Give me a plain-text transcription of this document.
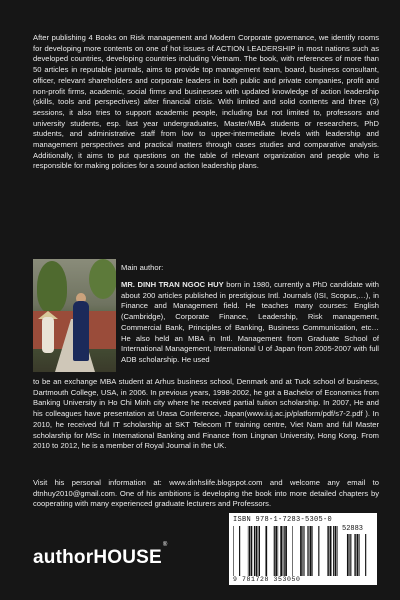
After publishing 4 Books on Risk management and Modern Corporate governance, we identify rooms for developing more contents on one of hot issues of ACTION LEADERSHIP in most nations such as developed countries, developing countries including Vietnam. The book, with references of more than 50 articles in reputable journals, aims to provide top management team, board, business consultant, officer, relevant shareholders and corporate leaders in both public and private companies, profit and non-profit firms, academic, social firms and businesses with updated knowledge of action leadership (skills, tools and perspectives) after financial crisis. With limited and solid contents and three (3) sessions, it also tries to support academic people, including but not limited to, professors and university students, esp. last year undergraduates, Master/MBA students or researchers, PhD students, and administrative staff from low to upper-intermediate levels with leadership and management perspectives and practical matters through cases studies and comparative analysis. Additionally, it aims to put questions on the table of relevant organization and people who is responsible for making policies for a sound action leadership plans.

Main author:

MR. DINH TRAN NGOC HUY born in 1980, currently a PhD candidate with about 200 articles published in prestigious Intl. Journals (ISI, Scopus,…), in Finance and Management field. He teaches many courses: English (Cambridge), Corporate Finance, Leadership, Risk management, Commercial Bank, Principles of Banking, Business Communication, etc… He also held an MBA in Intl. Management from Graduate School of International Management, International U of Japan from 2005-2007 with full ADB scholarship. He used

to be an exchange MBA student at Arhus business school, Denmark and at Tuck school of business, Dartmouth College, USA, in 2006. In previous years, 1998-2002, he got a Bachelor of Economics from Banking University in Ho Chi Minh city where he received partial tuition scholarship. In 2007, He and his colleagues have presentation at Urasa Conference, Japan(www.iuj.ac.jp/platform/pdf/s7-2.pdf ). In 2010, he received full IT scholarship at SKT Telecom IT training centre, Viet Nam and full Master scholarship for MSc in International Banking and Finance from Lingnan University, Hong Kong. From 2010 to 2012, he is a member of Royal Journal in the UK.

Visit his personal information at: www.dinhslife.blogspot.com and welcome any email to dtnhuy2010@gmail.com. One of his ambitions is developing the book into more detailed chapters by cooperating with many experienced graduate lecturers and Professors.

authorHOUSE®
ISBN 978-1-7283-5305-0
52883
9 781728 353050
